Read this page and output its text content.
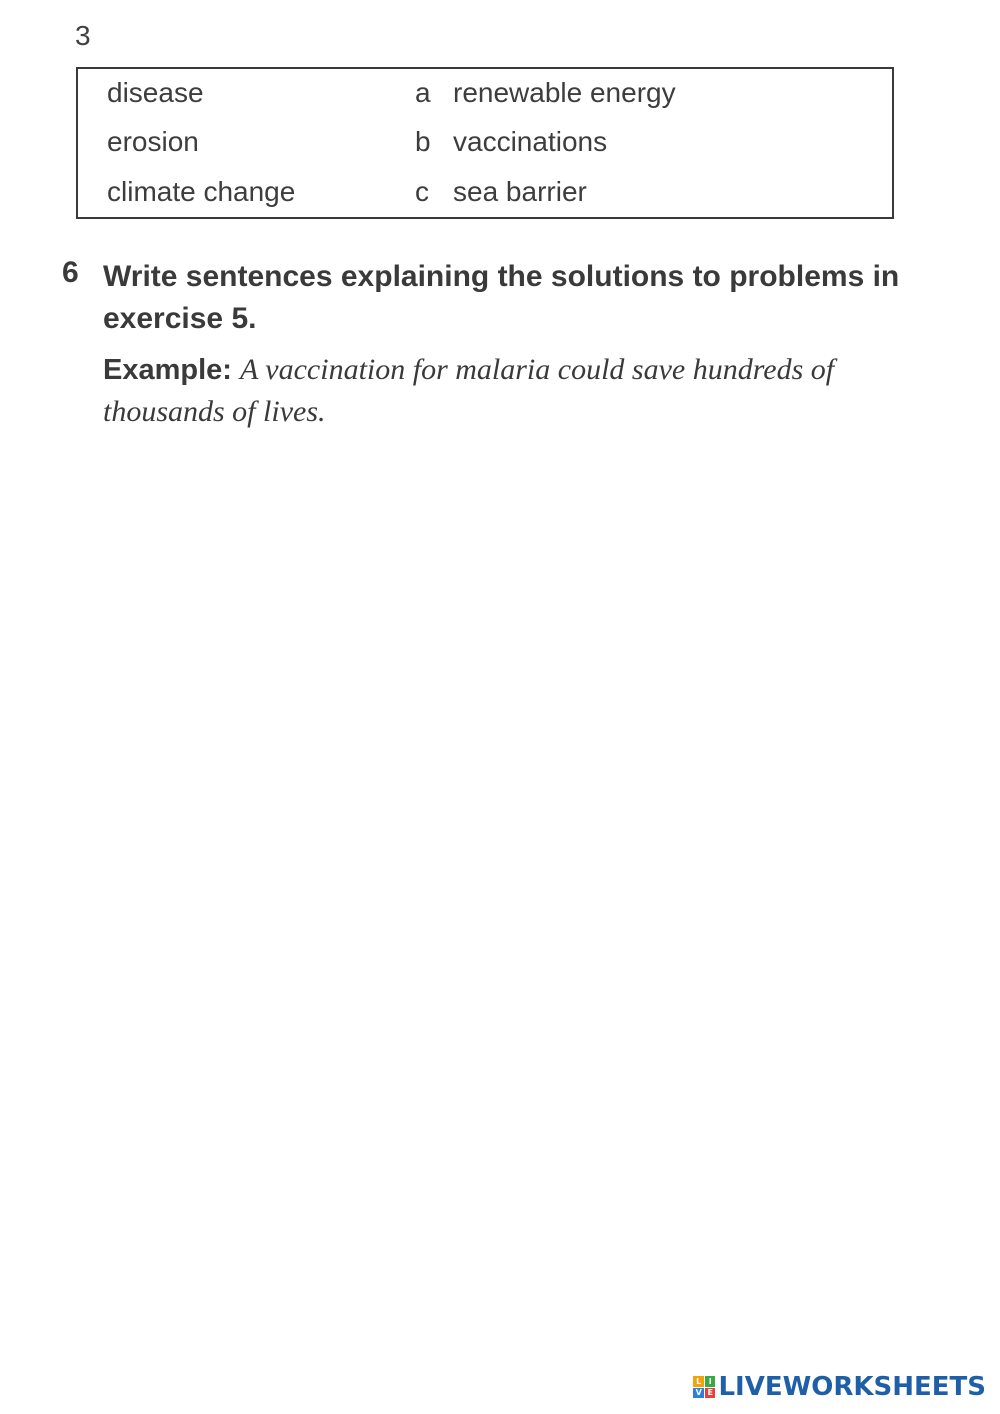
3
disease	a renewable energy
erosion	b vaccinations
climate change	c sea barrier
6 Write sentences explaining the solutions to problems in exercise 5.
Example: A vaccination for malaria could save hundreds of thousands of lives.
L I
V E LIVEWORKSHEETS
